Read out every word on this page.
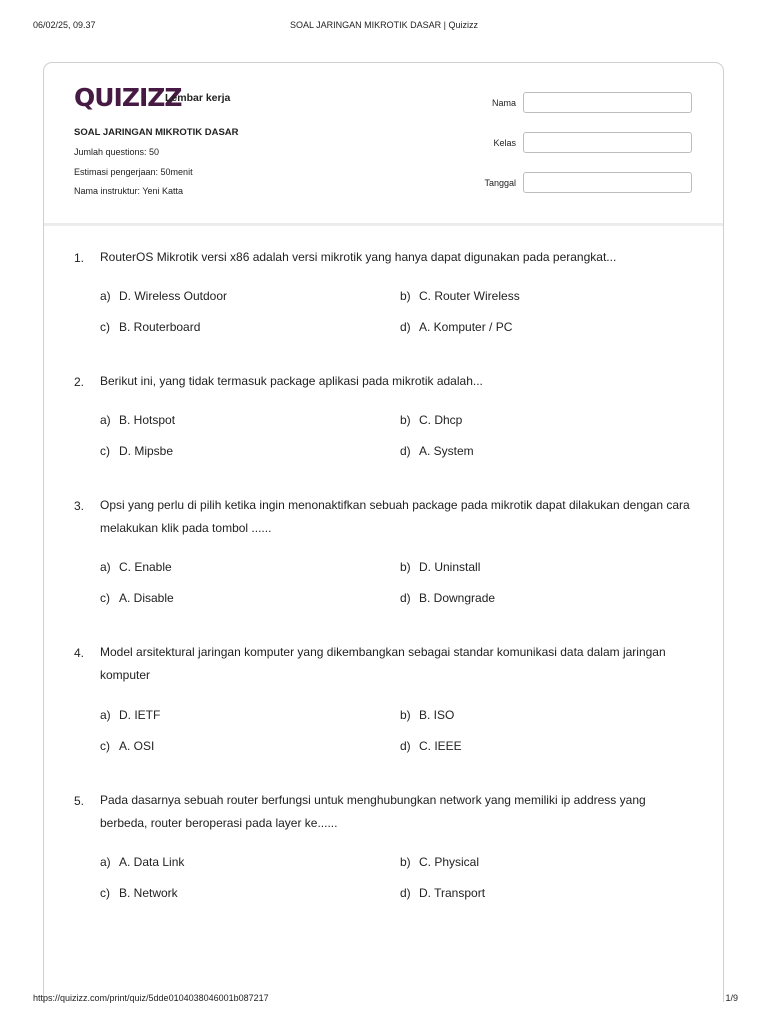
06/02/25, 09.37	SOAL JARINGAN MIKROTIK DASAR | Quizizz
QUIZIZZ
Lembar kerja
SOAL JARINGAN MIKROTIK DASAR
Jumlah questions: 50
Estimasi pengerjaan: 50menit
Nama instruktur: Yeni Katta
Nama
Kelas
Tanggal
1. RouterOS Mikrotik versi x86 adalah versi mikrotik yang hanya dapat digunakan pada perangkat...
a) D. Wireless Outdoor	b) C. Router Wireless
c) B. Routerboard	d) A. Komputer / PC
2. Berikut ini, yang tidak termasuk package aplikasi pada mikrotik adalah...
a) B. Hotspot	b) C. Dhcp
c) D. Mipsbe	d) A. System
3. Opsi yang perlu di pilih ketika ingin menonaktifkan sebuah package pada mikrotik dapat dilakukan dengan cara melakukan klik pada tombol ......
a) C. Enable	b) D. Uninstall
c) A. Disable	d) B. Downgrade
4. Model arsitektural jaringan komputer yang dikembangkan sebagai standar komunikasi data dalam jaringan komputer
a) D. IETF	b) B. ISO
c) A. OSI	d) C. IEEE
5. Pada dasarnya sebuah router berfungsi untuk menghubungkan network yang memiliki ip address yang berbeda, router beroperasi pada layer ke......
a) A. Data Link	b) C. Physical
c) B. Network	d) D. Transport
https://quizizz.com/print/quiz/5dde0104038046001b087217	1/9
